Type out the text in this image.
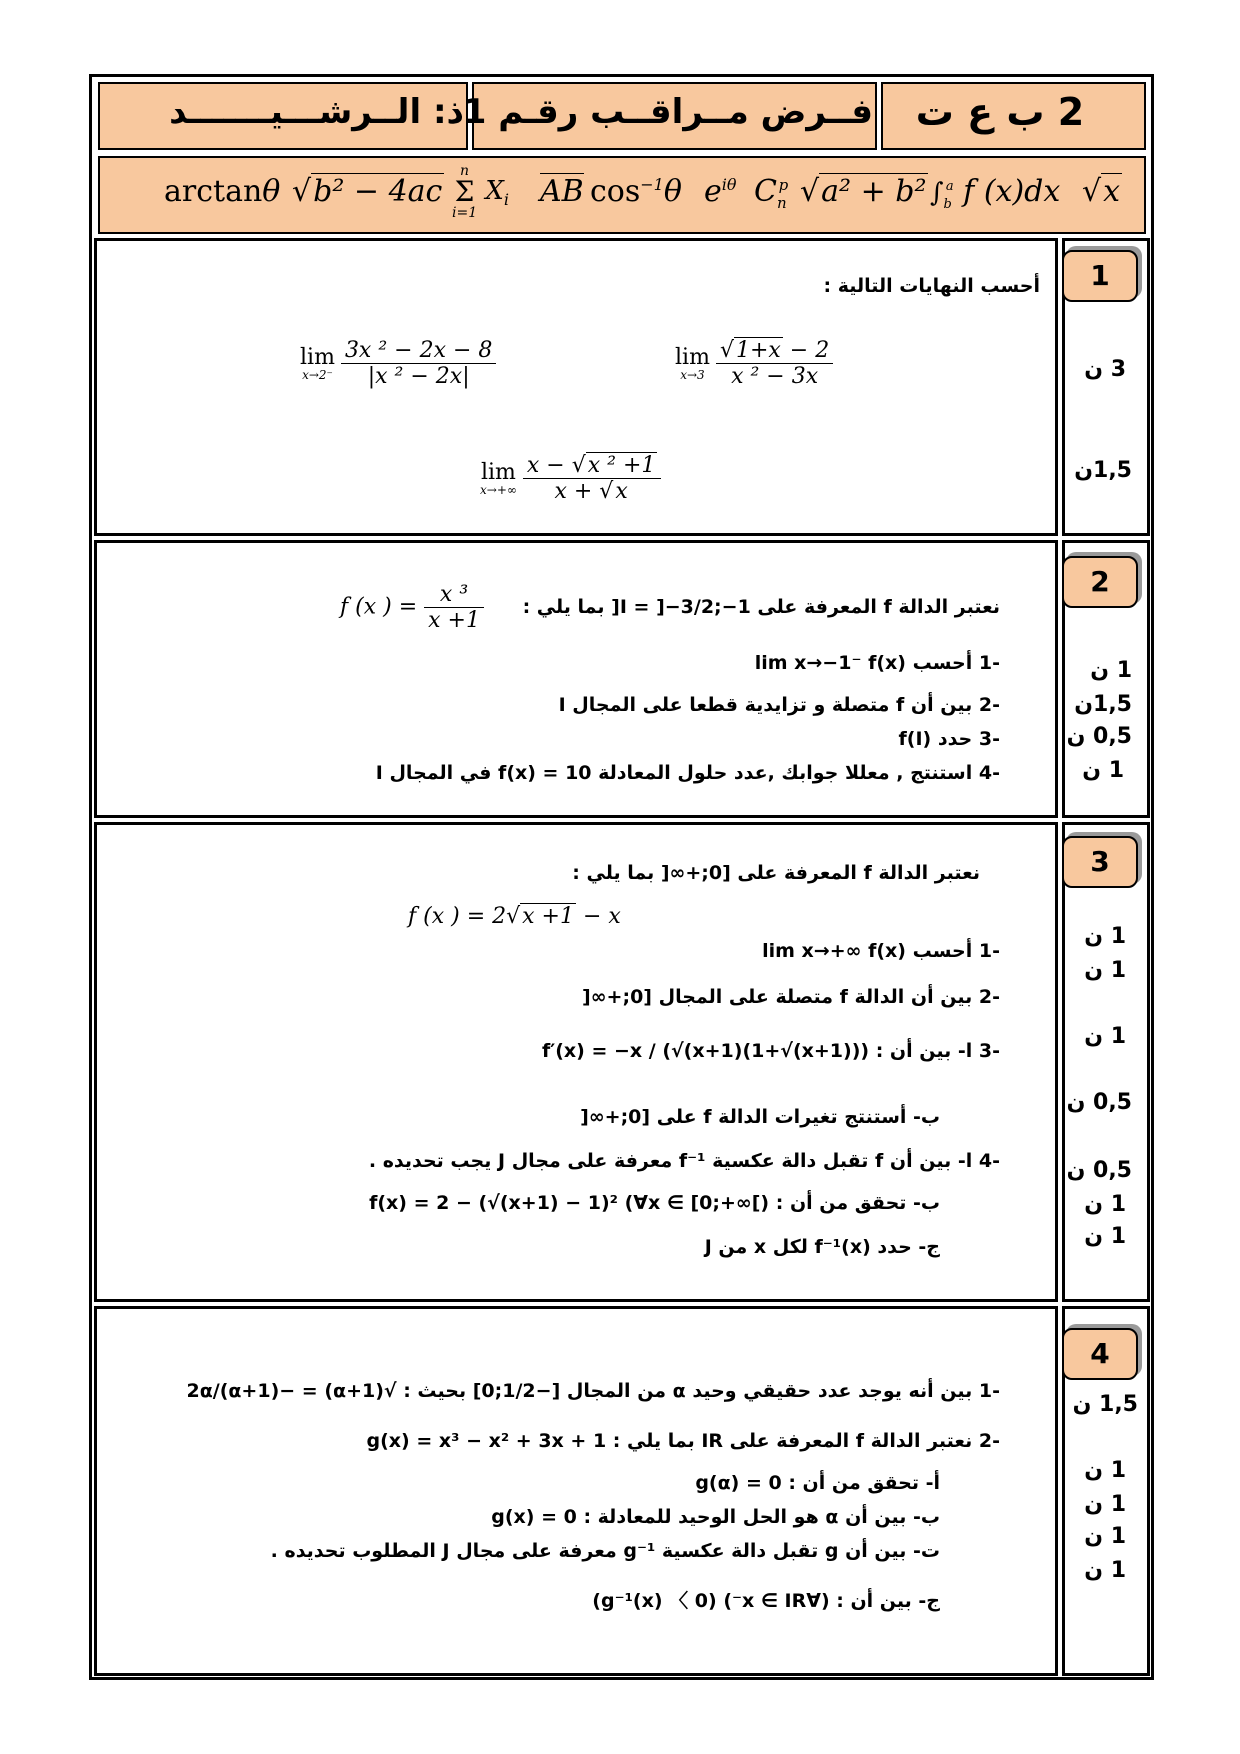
ذ: الــرشـــيـــــــد
فــرض مــراقــب رقـم 1	2 ب ع ت
arctanθ √b² − 4ac
n
Σ
i=1
$X_i$ AB $\cos^{-1}\theta$ $e^{i\theta}$ $C_n^p$ √a² + b² $\int_b^a$ f (x)dx √x
1
3 ن
1,5ن
أحسب النهايات التالية :
lim
$x\to 2^- \frac{\text{3x ² − 2x − 8}}{\text{|x ² − 2x|}}$	lim
$x\to 3 \frac{√1+x - 2}{\text{x ² − 3x}}$
lim
$x\to+\infty \frac{\text{x − √x ² +1}}{x + √x}$
2
1 ن
1,5ن
0,5 ن
1 ن
نعتبر الدالة f المعرفة على I = ]−3/2;−1[ بما يلي :
f (x ) = $\frac{\text{x ³}}{x +1}$
-1 أحسب lim x→−1⁻ f(x)
-2 بين أن f متصلة و تزايدية قطعا على المجال I
-3 حدد f(I)
-4 استنتج , معللا جوابك ,عدد حلول المعادلة f(x) = 10 في المجال I
3
1 ن
1 ن
1 ن
0,5 ن
0,5 ن
1 ن
1 ن
نعتبر الدالة f المعرفة على [0;+∞[ بما يلي :
f (x ) = 2√x +1 − x
-1 أحسب lim x→+∞ f(x)
-2 بين أن الدالة f متصلة على المجال [0;+∞[
-3 ا- بين أن : f′(x) = −x / (√(x+1)(1+√(x+1)))
ب- أستنتج تغيرات الدالة f على [0;+∞[
-4 ا- بين أن f تقبل دالة عكسية f⁻¹ معرفة على مجال J يجب تحديده .
ب- تحقق من أن : f(x) = 2 − (√(x+1) − 1)² (∀x ∈ [0;+∞[)
ج- حدد f⁻¹(x) لكل x من J
4
1,5 ن
1 ن
1 ن
1 ن
1 ن
-1 بين أنه يوجد عدد حقيقي وحيد α من المجال [−1/2;0] بحيث : √(α+1) = −2α/(α+1)
-2 نعتبر الدالة f المعرفة على IR بما يلي : g(x) = x³ − x² + 3x + 1
أ- تحقق من أن : g(α) = 0
ب- بين أن α هو الحل الوحيد للمعادلة : g(x) = 0
ت- بين أن g تقبل دالة عكسية g⁻¹ معرفة على مجال J المطلوب تحديده .
ج- بين أن : (∀x ∈ IR⁻) (g⁻¹(x) 〈 0)
